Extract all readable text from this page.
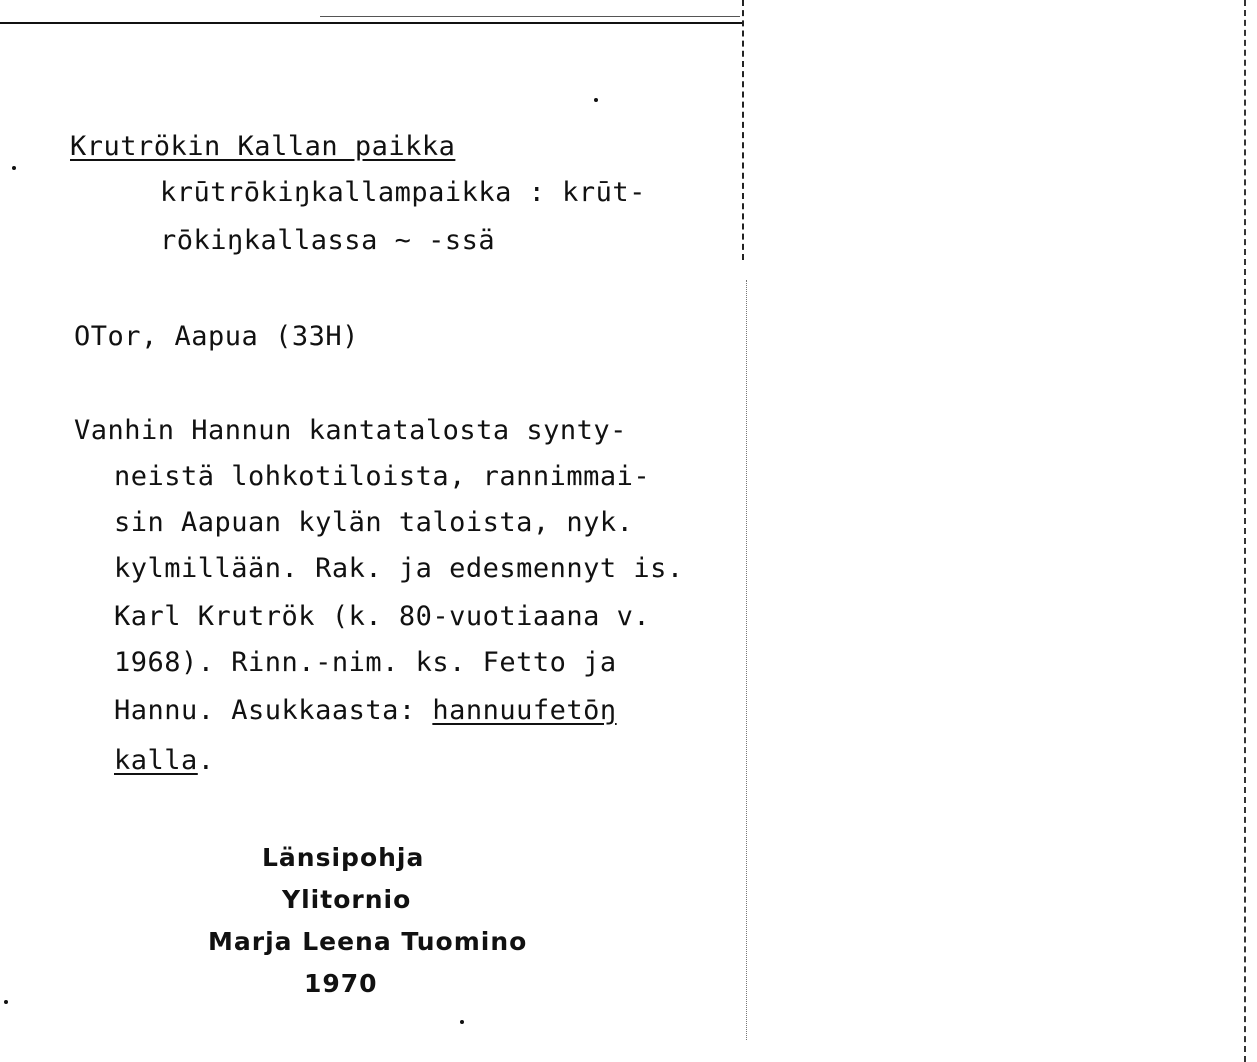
Krutrökin Kallan paikka

krūtrōkiŋkallampaikka : krūt-

rōkiŋkallassa ~ -ssä

OTor, Aapua (33H)

Vanhin Hannun kantatalosta synty-

neistä lohkotiloista, rannimmai-

sin Aapuan kylän taloista, nyk.

kylmillään. Rak. ja edesmennyt is.

Karl Krutrök (k. 80-vuotiaana v.

1968). Rinn.-nim. ks. Fetto ja

Hannu. Asukkaasta: hannuufetōŋ

kalla.

Länsipohja
Ylitornio
Marja Leena Tuomino
1970
